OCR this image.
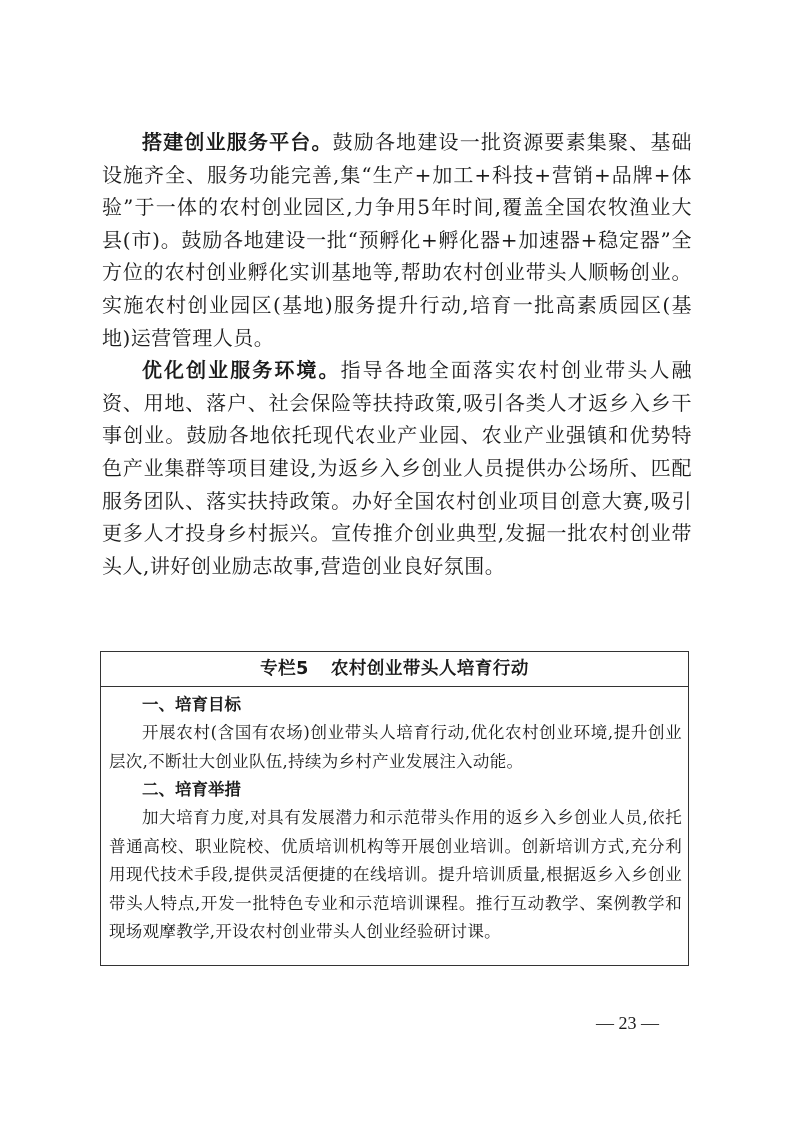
搭建创业服务平台。鼓励各地建设一批资源要素集聚、基础设施齐全、服务功能完善,集“生产+加工+科技+营销+品牌+体验”于一体的农村创业园区,力争用5年时间,覆盖全国农牧渔业大县(市)。鼓励各地建设一批“预孵化+孵化器+加速器+稳定器”全方位的农村创业孵化实训基地等,帮助农村创业带头人顺畅创业。实施农村创业园区(基地)服务提升行动,培育一批高素质园区(基地)运营管理人员。

优化创业服务环境。指导各地全面落实农村创业带头人融资、用地、落户、社会保险等扶持政策,吸引各类人才返乡入乡干事创业。鼓励各地依托现代农业产业园、农业产业强镇和优势特色产业集群等项目建设,为返乡入乡创业人员提供办公场所、匹配服务团队、落实扶持政策。办好全国农村创业项目创意大赛,吸引更多人才投身乡村振兴。宣传推介创业典型,发掘一批农村创业带头人,讲好创业励志故事,营造创业良好氛围。

专栏5 农村创业带头人培育行动

一、培育目标

开展农村(含国有农场)创业带头人培育行动,优化农村创业环境,提升创业层次,不断壮大创业队伍,持续为乡村产业发展注入动能。

二、培育举措

加大培育力度,对具有发展潜力和示范带头作用的返乡入乡创业人员,依托普通高校、职业院校、优质培训机构等开展创业培训。创新培训方式,充分利用现代技术手段,提供灵活便捷的在线培训。提升培训质量,根据返乡入乡创业带头人特点,开发一批特色专业和示范培训课程。推行互动教学、案例教学和现场观摩教学,开设农村创业带头人创业经验研讨课。

— 23 —
